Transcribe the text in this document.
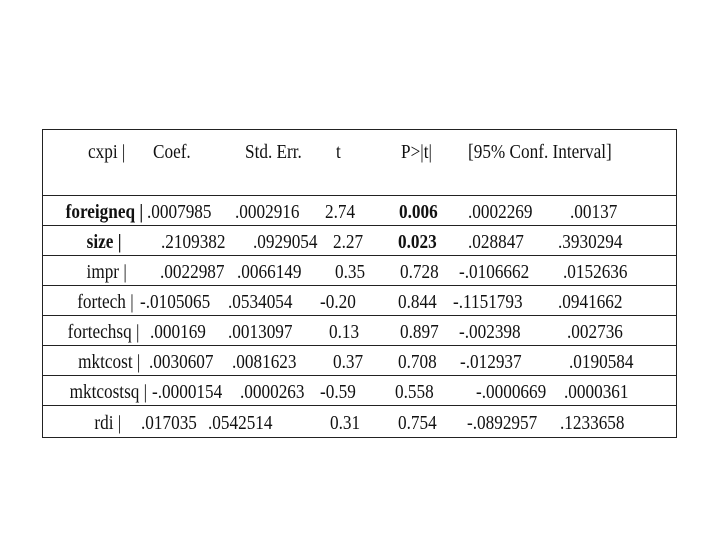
cxpi | Coef.	Std. Err. t	P>|t| [95% Conf. Interval]
foreigneq | .0007985 .0002916 2.74 0.006 .0002269 .00137
size | .2109382 .0929054 2.27 0.023 .028847 .3930294
impr | .0022987 .0066149 0.35 0.728 -.0106662 .0152636
fortech | -.0105065 .0534054 -0.20 0.844 -.1151793 .0941662
fortechsq | .000169 .0013097 0.13 0.897 -.002398 .002736
mktcost | .0030607 .0081623 0.37 0.708 -.012937 .0190584
mktcostsq | -.0000154 .0000263 -0.59 0.558 -.0000669 .0000361
rdi | .017035 .0542514	0.31 0.754 -.0892957 .1233658
